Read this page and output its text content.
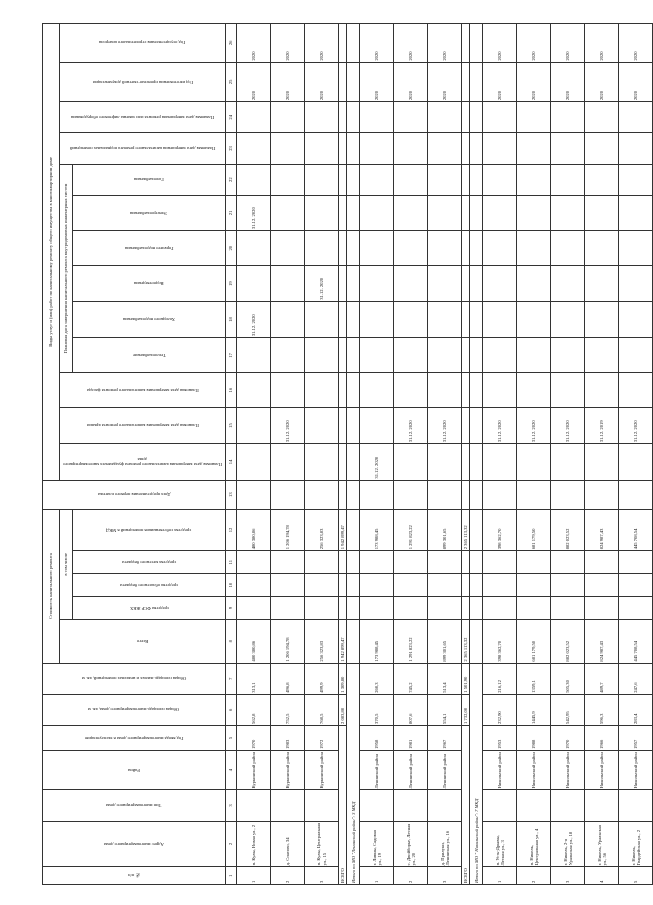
№ п/п	Адрес многоквартирного дома	Тип многоквартирного дома	Район	Год ввода многоквартирного дома в эксплуатацию	Общая площадь многоквартирного дома, кв. м	Общая площадь жилых и нежилых помещений, кв. м	Стоимость капитального ремонта					Дата представления первого платежа	Виды услуг и (или) работ по капитальному ремонту общего имущества в многоквартирном доме												

							Всего	в том числе					Плановая дата завершения капитального ремонта фундамента многоквартирного дома	Плановая дата завершения капитального ремонта крыши	Плановая дата завершения капитального ремонта фасада	Плановая дата завершения капитального ремонта внутридомовых инженерных систем						Плановая дата завершения капитального ремонта подвальных помещений	Плановая дата завершения ремонта или замены лифтового оборудования	Год изготовления проектно-сметной документации	Год осуществления строительного контроля

								средства ФСР ЖКХ	средства областного бюджета	средства местного бюджета	средства собственников помещений в МКД					Теплоснабжение	Холодного водоснабжения	Водоотведения	Горячего водоснабжения	Электроснабжения	Газоснабжения				

1	2	3	4	5	6	7	8	9	10	11	12	13	14	15	16	17	18	19	20	21	22	23	24	25	26
1	п. Кулы, Новая ул., 2		Куркинский район	1970	562,8	313,1	480 380,86				480 380,86						31.12. 2020			31.12. 2020				2020	2020
2	д. Спасово, 34		Куркинский район	1983	752,5	496,8	1 206 194,78				1 206 194,78			31.12. 2020										2020	2020
3	п. Кулы, Центральная ул., 15		Куркинский район	1972	768,5	499,9	256 323,83				256 323,83							31.12. 2020						2020	2020
ВСЕГО					2 083,80	1 309,80	1 942 899,47				1 942 899,47														
Итого по МО "Ленинский район": 3 МКД																									
1	г. Ливны, Садовая ул., 19		Ленинский район	1958	370,5	260,3	173 988,45				173 988,45		31.12. 2020											2020	2020
2	с. Двойборье, Лесная ул., 20		Ленинский район	1981	807,6	745,2	1 291 823,22				1 291 823,22			31.12. 2020										2020	2020
3	д. Прилуки, Ленинская ул., 16		Ленинский район	1967	554,1	513,4	899 301,65				899 301,65			31.12. 2020										2020	2020
ВСЕГО					1 732,00	1 501,90	2 365 113,32				2 365 113,32														
Итого по МО " Никольский район": 7 МКД																									
1	п. Усть-Дрывы, Лесная ул., 3		Никольский район	1953	232,90	216,12	398 362,70				398 362,70			31.12. 2020										2020	2020
2	п. Никель, Центральная ул., 4		Никольский район	1988	1445,9	1359,1	681 179,50				681 179,50			31.12. 2020										2020	2020
3	г. Никель, 2-я Уральская ул., 18		Никольский район	1970	542,95	505,30	882 023,52				882 023,52			31.12. 2020										2020	2020
4	г. Никель, Уральская ул., 56		Никольский район	1966	596,3	489,7	824 987,43				824 987,43			31.12. 2019										2020	2020
5	г. Никель, Гвардейская ул., 2		Никольский район	1957	283,4	247,6	445 708,54				445 708,54			31.12. 2020										2020	2020
